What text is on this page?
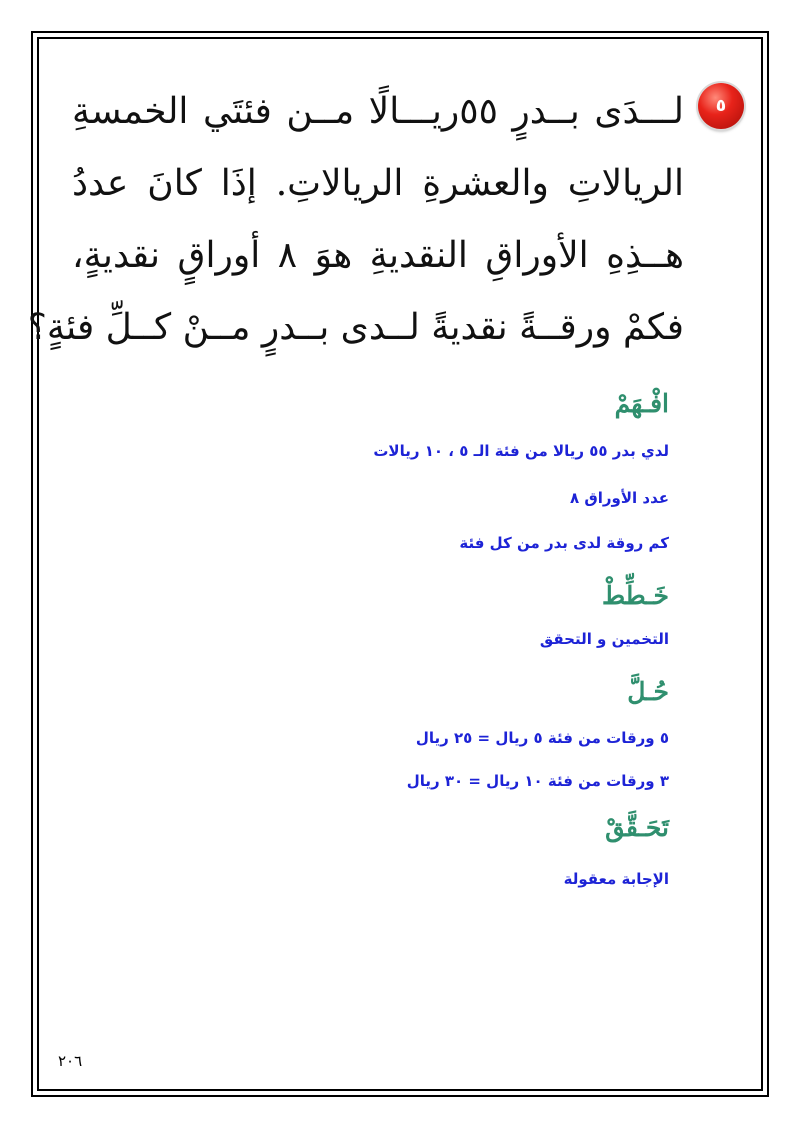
٥
لـــدَى بــدرٍ ٥٥ريـــالًا مــن فئتَي الخمسةِ
الريالاتِ والعشرةِ الريالاتِ. إذَا كانَ عددُ
هــذِهِ الأوراقِ النقديةِ هوَ ٨ أوراقٍ نقديةٍ،
فكمْ ورقــةً نقديةً لــدى بــدرٍ مــنْ كــلِّ فئةٍ؟
افْـهَمْ
لدي بدر ٥٥ ريالا من فئة الـ ٥ ، ١٠ ريالات
عدد الأوراق ٨
كم روقة لدى بدر من كل فئة
خَـطِّطْ
التخمين و التحقق
حُـلَّ
٥ ورقات من فئة ٥ ريال = ٢٥ ريال
٣ ورقات من فئة ١٠ ريال = ٣٠ ريال
تَحَـقَّقْ
الإجابة معقولة
٢٠٦
